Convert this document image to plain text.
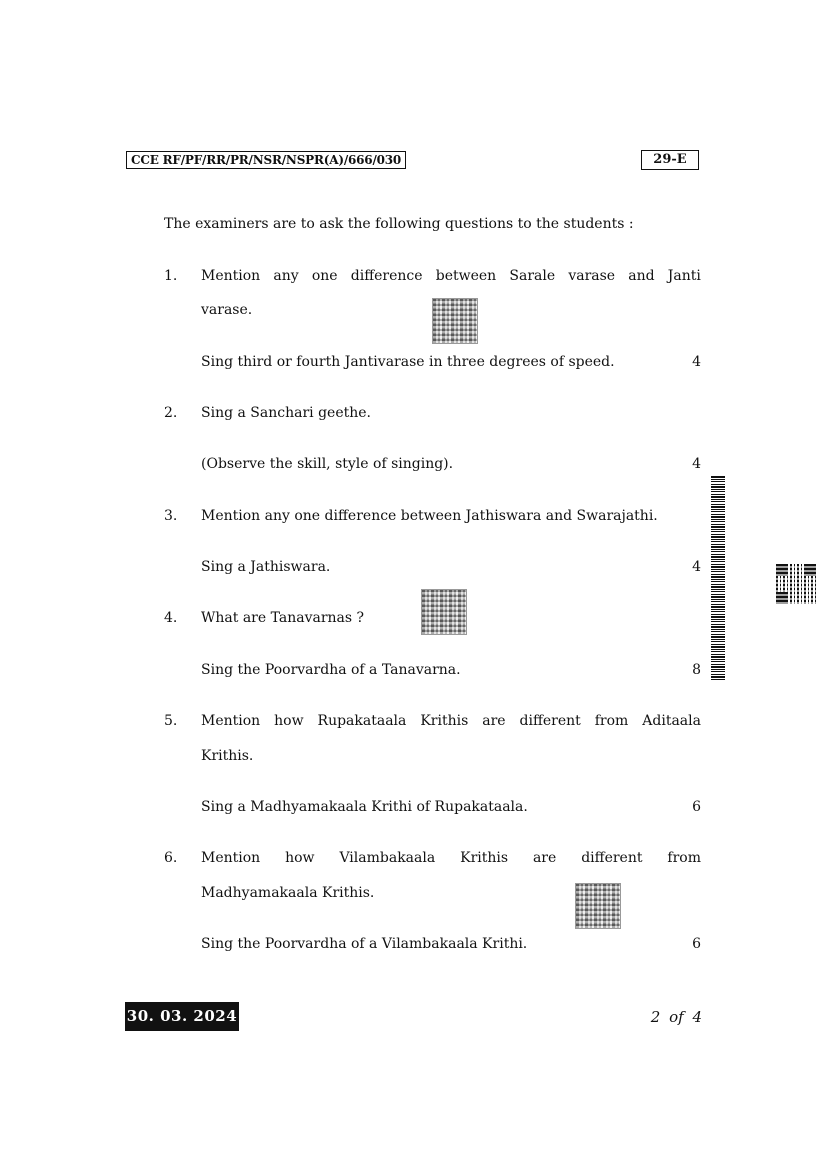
CCE RF/PF/RR/PR/NSR/NSPR(A)/666/030	29-E
The examiners are to ask the following questions to the students :
1. Mention any one difference between Sarale varase and Janti
varase.
Sing third or fourth Jantivarase in three degrees of speed.	4
2. Sing a Sanchari geethe.
(Observe the skill, style of singing).	4
3. Mention any one difference between Jathiswara and Swarajathi.
Sing a Jathiswara.	4
4. What are Tanavarnas ?
Sing the Poorvardha of a Tanavarna.	8
5. Mention how Rupakataala Krithis are different from Aditaala
Krithis.
Sing a Madhyamakaala Krithi of Rupakataala.	6
6. Mention how Vilambakaala Krithis are different from
Madhyamakaala Krithis.
Sing the Poorvardha of a Vilambakaala Krithi.	6
30. 03. 2024	2 of 4
